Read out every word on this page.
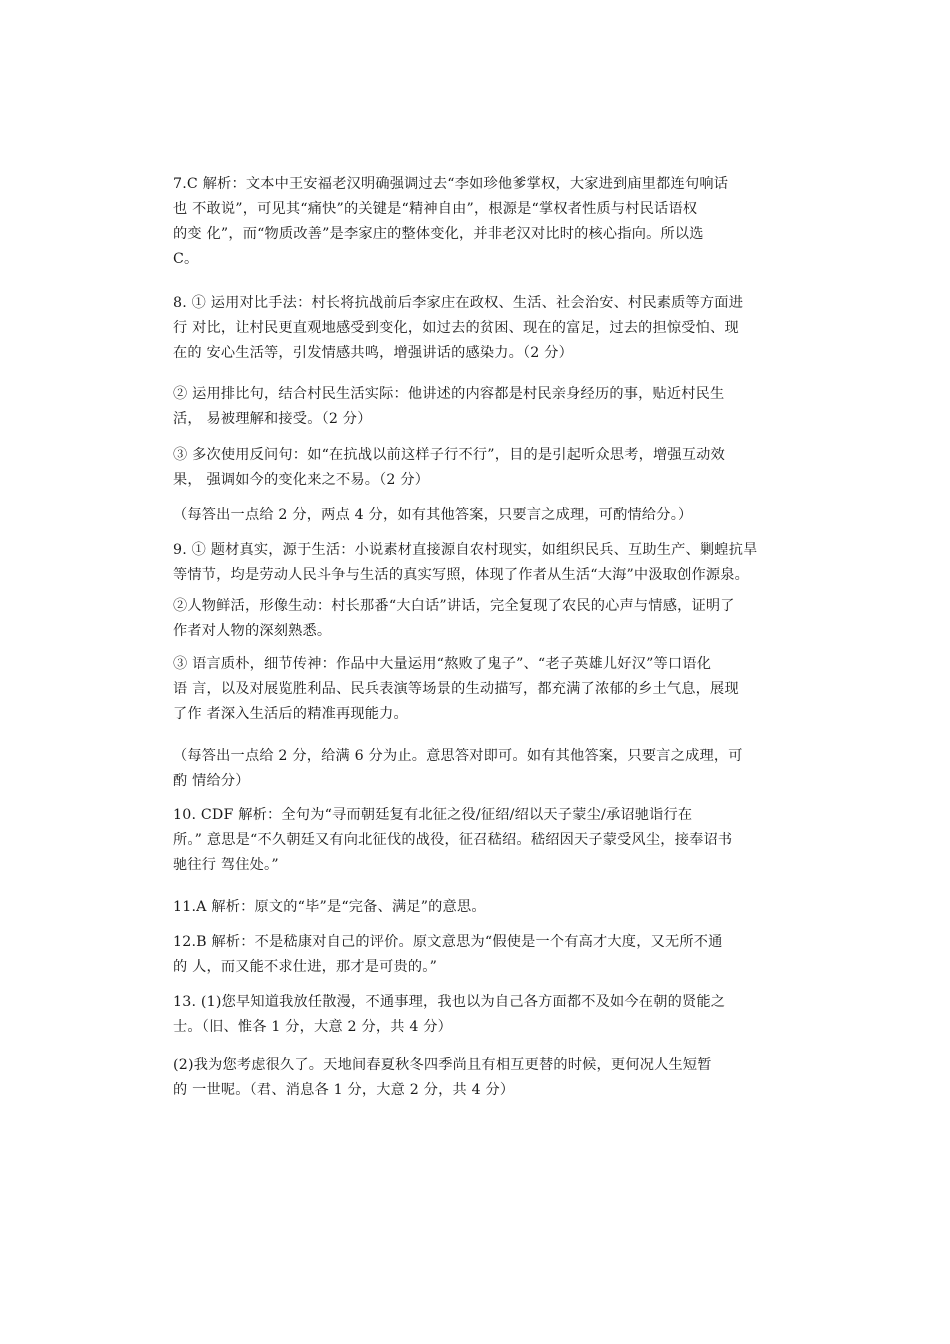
7.C 解析：文本中王安福老汉明确强调过去“李如珍他爹掌权，大家进到庙里都连句响话
也 不敢说”，可见其“痛快”的关键是“精神自由”，根源是“掌权者性质与村民话语权
的变 化”，而“物质改善”是李家庄的整体变化，并非老汉对比时的核心指向。所以选
C。
8. ① 运用对比手法：村长将抗战前后李家庄在政权、生活、社会治安、村民素质等方面进
行 对比，让村民更直观地感受到变化，如过去的贫困、现在的富足，过去的担惊受怕、现
在的 安心生活等，引发情感共鸣，增强讲话的感染力。（2 分）
② 运用排比句，结合村民生活实际：他讲述的内容都是村民亲身经历的事，贴近村民生
活， 易被理解和接受。（2 分）
③ 多次使用反问句：如“在抗战以前这样子行不行”，目的是引起听众思考，增强互动效
果， 强调如今的变化来之不易。（2 分）
（每答出一点给 2 分，两点 4 分，如有其他答案，只要言之成理，可酌情给分。）
9. ① 题材真实，源于生活：小说素材直接源自农村现实，如组织民兵、互助生产、剿蝗抗旱
等情节，均是劳动人民斗争与生活的真实写照，体现了作者从生活“大海”中汲取创作源泉。
②人物鲜活，形像生动：村长那番“大白话”讲话，完全复现了农民的心声与情感，证明了
作者对人物的深刻熟悉。
③ 语言质朴，细节传神：作品中大量运用“熬败了鬼子”、“老子英雄儿好汉”等口语化
语 言，以及对展览胜利品、民兵表演等场景的生动描写，都充满了浓郁的乡土气息，展现
了作 者深入生活后的精准再现能力。
（每答出一点给 2 分，给满 6 分为止。意思答对即可。如有其他答案，只要言之成理，可
酌 情给分）
10. CDF 解析：全句为“寻而朝廷复有北征之役/征绍/绍以天子蒙尘/承诏驰诣行在
所。” 意思是“不久朝廷又有向北征伐的战役，征召嵇绍。嵇绍因天子蒙受风尘，接奉诏书
驰往行 驾住处。”
11.A 解析：原文的“毕”是“完备、满足”的意思。
12.B 解析：不是嵇康对自己的评价。原文意思为“假使是一个有高才大度，又无所不通
的 人，而又能不求仕进，那才是可贵的。”
13. (1)您早知道我放任散漫，不通事理，我也以为自己各方面都不及如今在朝的贤能之
士。（旧、惟各 1 分，大意 2 分，共 4 分）
(2)我为您考虑很久了。天地间春夏秋冬四季尚且有相互更替的时候，更何况人生短暂
的 一世呢。（君、消息各 1 分，大意 2 分，共 4 分）
